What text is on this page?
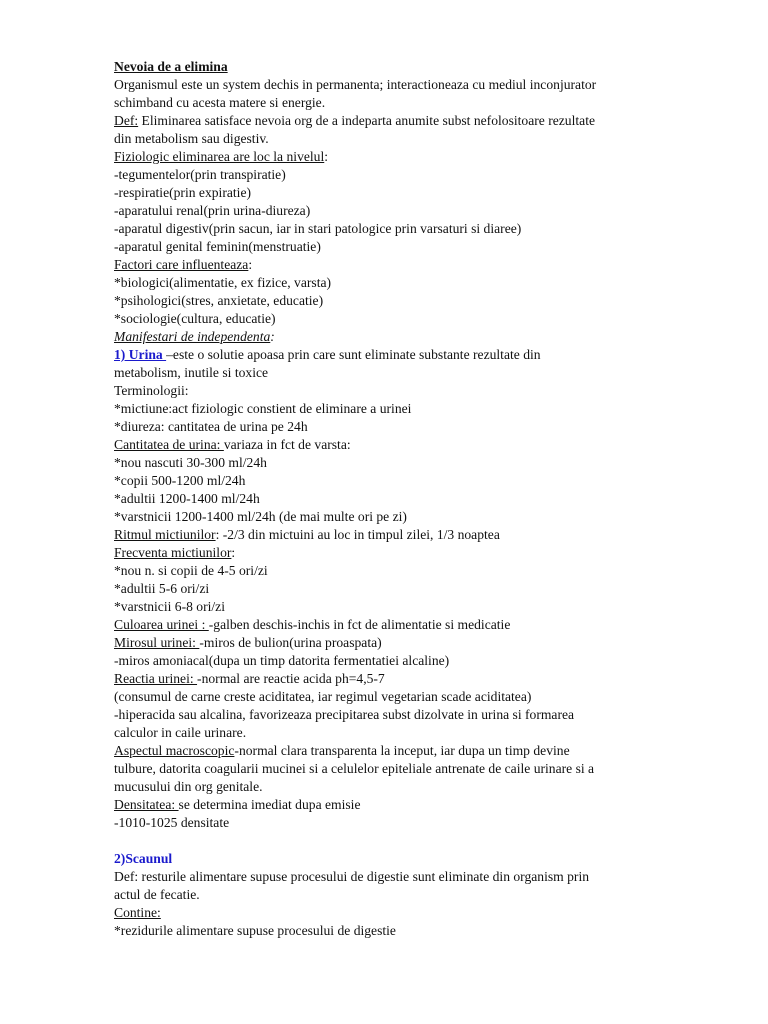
Nevoia de a elimina
Organismul este un system dechis in permanenta; interactioneaza cu mediul inconjurator
schimband cu acesta matere si energie.
Def: Eliminarea satisface nevoia org de a indeparta anumite subst nefolositoare rezultate
din metabolism sau digestiv.
Fiziologic eliminarea are loc la nivelul:
-tegumentelor(prin transpiratie)
-respiratie(prin expiratie)
-aparatului renal(prin urina-diureza)
-aparatul digestiv(prin sacun, iar in stari patologice prin varsaturi si diaree)
-aparatul genital feminin(menstruatie)
Factori care influenteaza:
*biologici(alimentatie, ex fizice, varsta)
*psihologici(stres, anxietate, educatie)
*sociologie(cultura, educatie)
Manifestari de independenta:
1) Urina –este o solutie apoasa prin care sunt eliminate substante rezultate din
metabolism, inutile si toxice
Terminologii:
*mictiune:act fiziologic constient de eliminare a urinei
*diureza: cantitatea de urina pe 24h
Cantitatea de urina: variaza in fct de varsta:
*nou nascuti 30-300 ml/24h
*copii 500-1200 ml/24h
*adultii 1200-1400 ml/24h
*varstnicii 1200-1400 ml/24h (de mai multe ori pe zi)
Ritmul mictiunilor: -2/3 din mictuini au loc in timpul zilei, 1/3 noaptea
Frecventa mictiunilor:
*nou n. si copii de 4-5 ori/zi
*adultii 5-6 ori/zi
*varstnicii 6-8 ori/zi
Culoarea urinei : -galben deschis-inchis in fct de alimentatie si medicatie
Mirosul urinei: -miros de bulion(urina proaspata)
-miros amoniacal(dupa un timp datorita fermentatiei alcaline)
Reactia urinei: -normal are reactie acida ph=4,5-7
(consumul de carne creste aciditatea, iar regimul vegetarian scade aciditatea)
-hiperacida sau alcalina, favorizeaza precipitarea subst dizolvate in urina si formarea
calculor in caile urinare.
Aspectul macroscopic-normal clara transparenta la inceput, iar dupa un timp devine
tulbure, datorita coagularii mucinei si a celulelor epiteliale antrenate de caile urinare si a
mucusului din org genitale.
Densitatea: se determina imediat dupa emisie
-1010-1025 densitate
2)Scaunul
Def: resturile alimentare supuse procesului de digestie sunt eliminate din organism prin
actul de fecatie.
Contine:
*rezidurile alimentare supuse procesului de digestie
